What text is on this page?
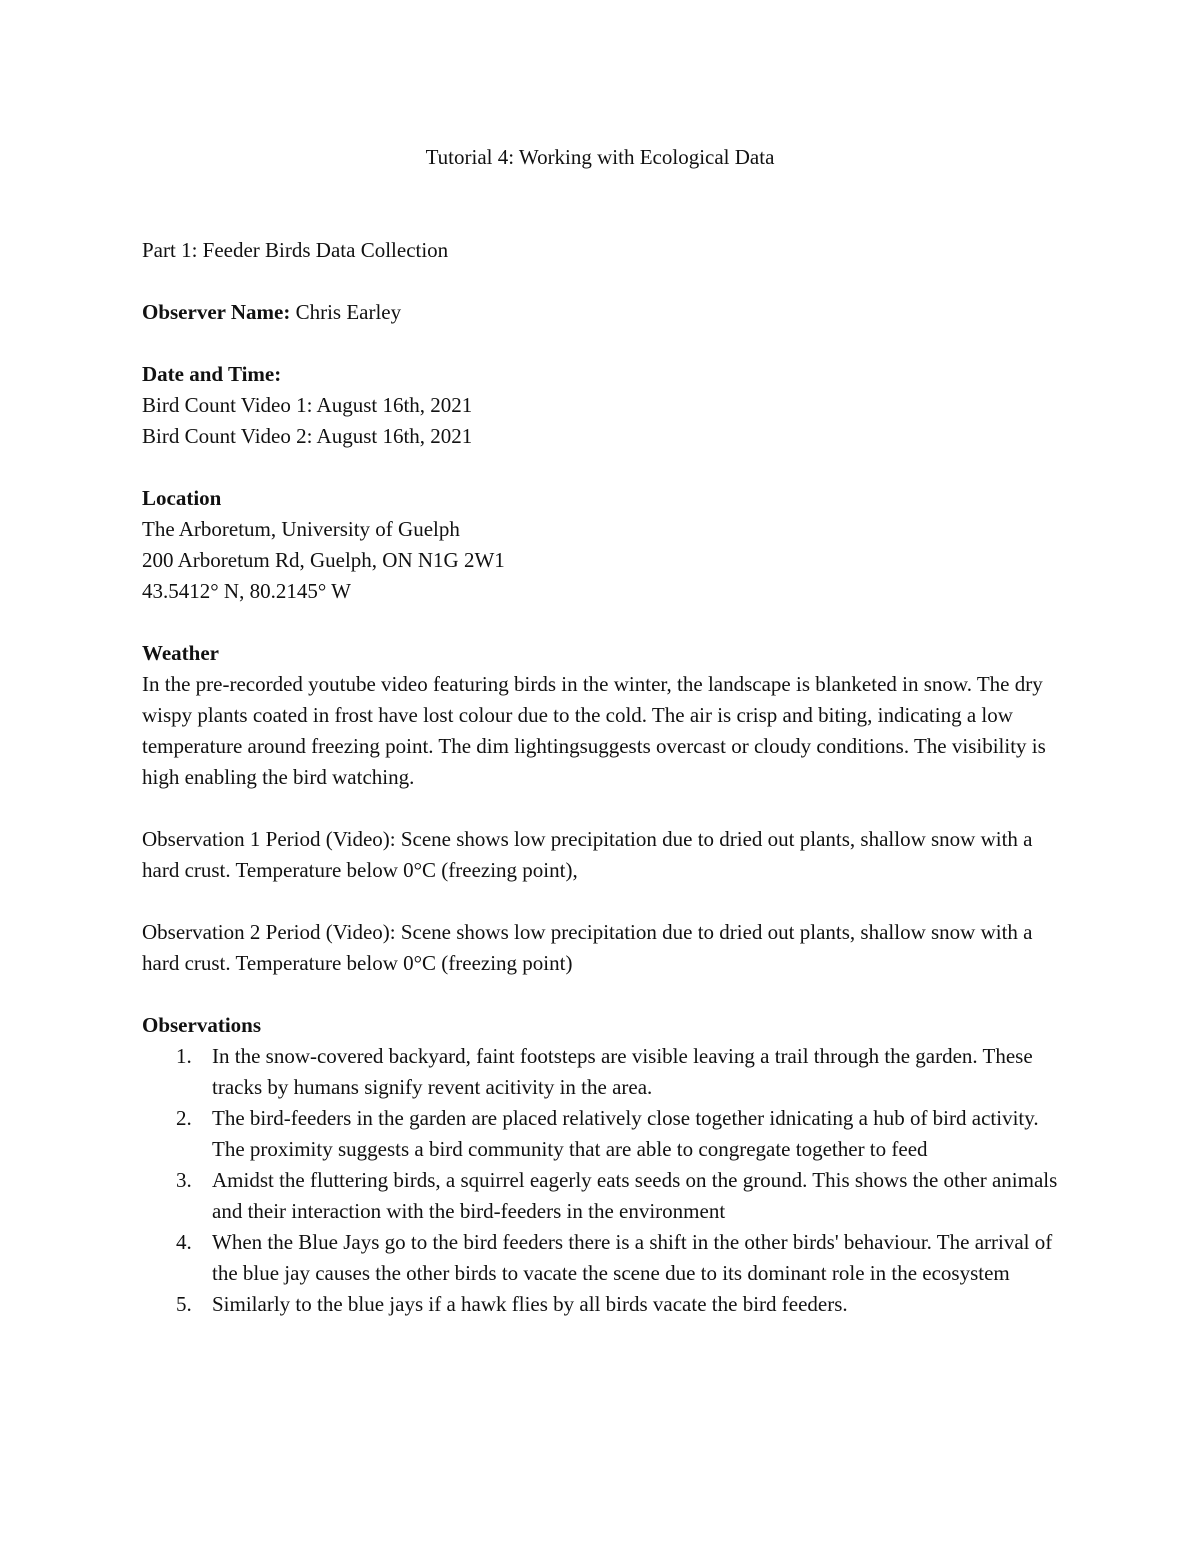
Tutorial 4: Working with Ecological Data
Part 1: Feeder Birds Data Collection
Observer Name: Chris Earley
Date and Time:
Bird Count Video 1: August 16th, 2021
Bird Count Video 2: August 16th, 2021
Location
The Arboretum, University of Guelph
200 Arboretum Rd, Guelph, ON N1G 2W1
43.5412° N, 80.2145° W
Weather
In the pre-recorded youtube video featuring birds in the winter, the landscape is blanketed in snow. The dry wispy plants coated in frost have lost colour due to the cold. The air is crisp and biting, indicating a low temperature around freezing point. The dim lightingsuggests overcast or cloudy conditions. The visibility is high enabling the bird watching.
Observation 1 Period (Video): Scene shows low precipitation due to dried out plants, shallow snow with a hard crust. Temperature below 0°C (freezing point),
Observation 2 Period (Video): Scene shows low precipitation due to dried out plants, shallow snow with a hard crust. Temperature below 0°C (freezing point)
Observations
1. In the snow-covered backyard, faint footsteps are visible leaving a trail through the garden. These tracks by humans signify revent acitivity in the area.
2. The bird-feeders in the garden are placed relatively close together idnicating a hub of bird activity. The proximity suggests a bird community that are able to congregate together to feed
3. Amidst the fluttering birds, a squirrel eagerly eats seeds on the ground. This shows the other animals and their interaction with the bird-feeders in the environment
4. When the Blue Jays go to the bird feeders there is a shift in the other birds' behaviour. The arrival of the blue jay causes the other birds to vacate the scene due to its dominant role in the ecosystem
5. Similarly to the blue jays if a hawk flies by all birds vacate the bird feeders.
